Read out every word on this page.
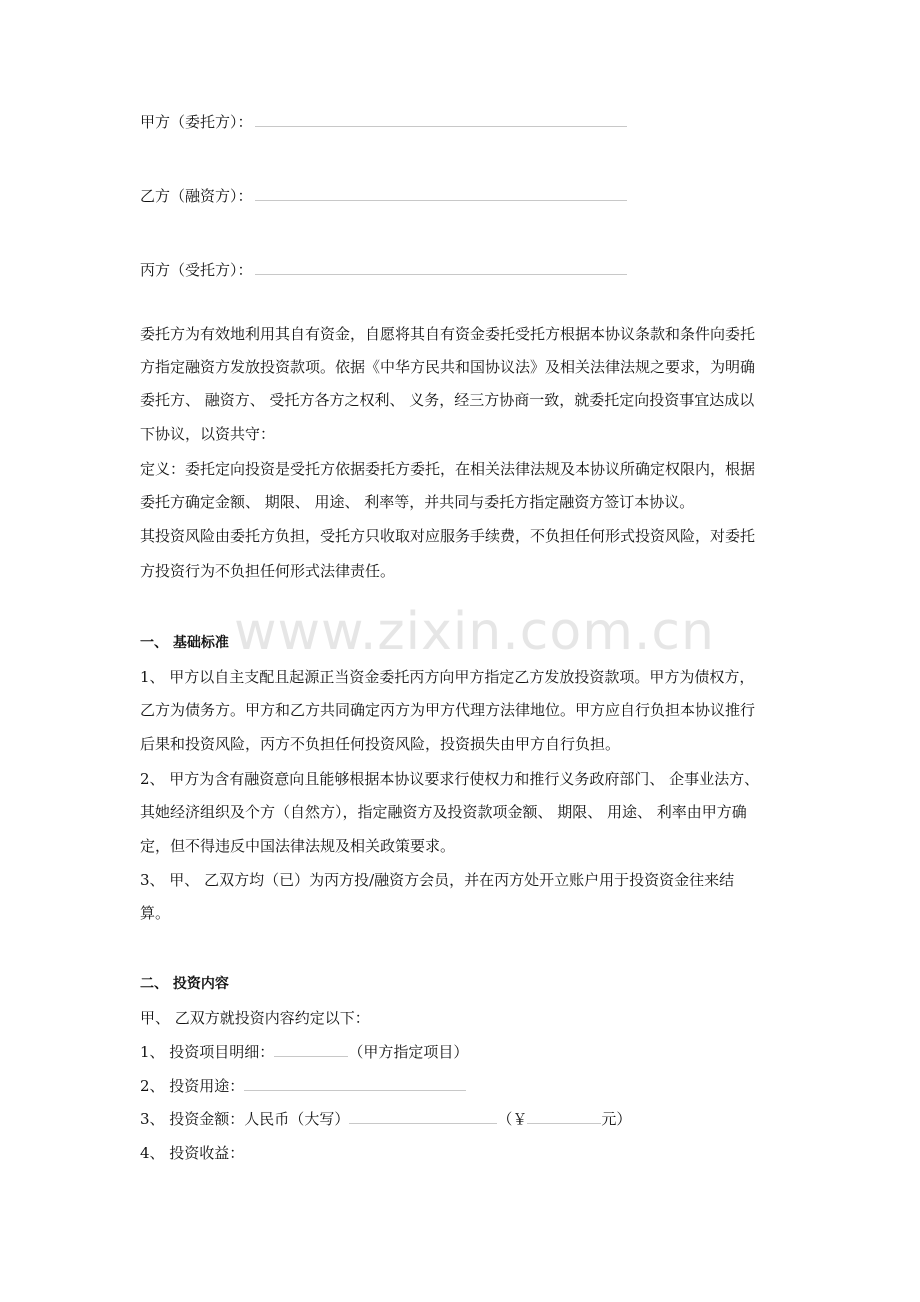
www.zixin.com.cn
甲方（委托方）：
乙方（融资方）：
丙方（受托方）：
委托方为有效地利用其自有资金，自愿将其自有资金委托受托方根据本协议条款和条件向委托
方指定融资方发放投资款项。依据《中华方民共和国协议法》及相关法律法规之要求，为明确
委托方、 融资方、 受托方各方之权利、 义务，经三方协商一致，就委托定向投资事宜达成以
下协议，以资共守：
定义：委托定向投资是受托方依据委托方委托，在相关法律法规及本协议所确定权限内，根据
委托方确定金额、 期限、 用途、 利率等，并共同与委托方指定融资方签订本协议。
其投资风险由委托方负担，受托方只收取对应服务手续费，不负担任何形式投资风险，对委托
方投资行为不负担任何形式法律责任。
一、 基础标准
1、 甲方以自主支配且起源正当资金委托丙方向甲方指定乙方发放投资款项。甲方为债权方，
乙方为债务方。甲方和乙方共同确定丙方为甲方代理方法律地位。甲方应自行负担本协议推行
后果和投资风险，丙方不负担任何投资风险，投资损失由甲方自行负担。
2、 甲方为含有融资意向且能够根据本协议要求行使权力和推行义务政府部门、 企事业法方、
其她经济组织及个方（自然方），指定融资方及投资款项金额、 期限、 用途、 利率由甲方确
定，但不得违反中国法律法规及相关政策要求。
3、 甲、 乙双方均（已）为丙方投/融资方会员，并在丙方处开立账户用于投资资金往来结
算。
二、 投资内容
甲、 乙双方就投资内容约定以下：
1、 投资项目明细：	（甲方指定项目）
2、 投资用途：
3、 投资金额：人民币（大写）	（￥	元）
4、 投资收益：
